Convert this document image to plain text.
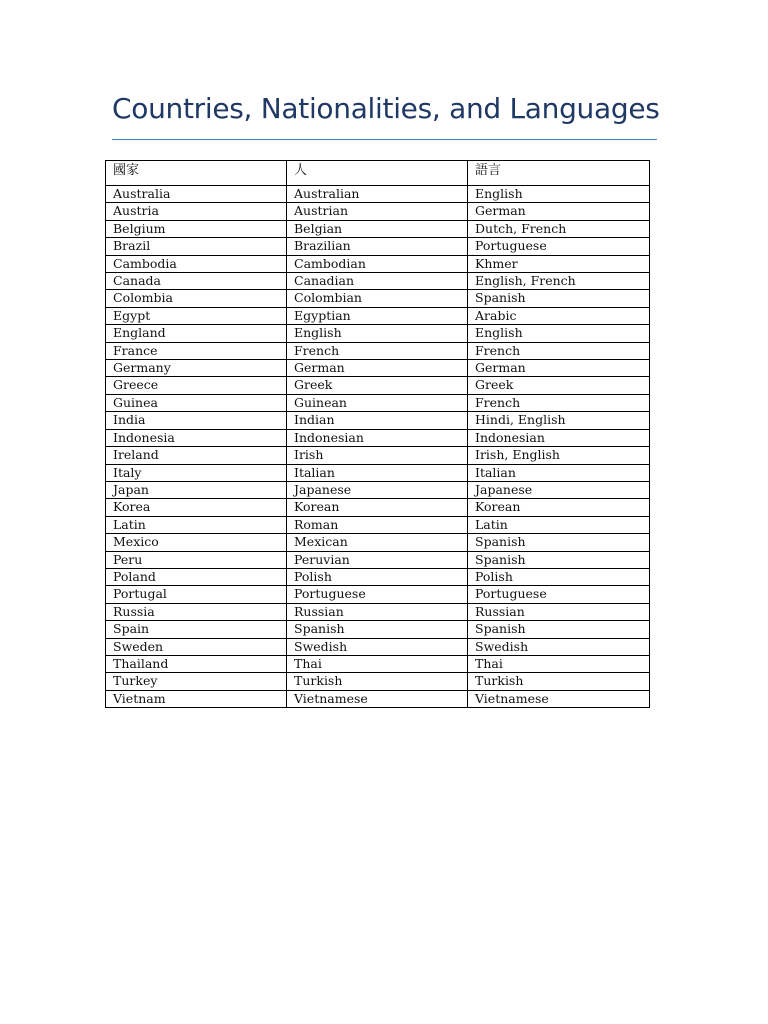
Countries, Nationalities, and Languages
國家	人	語言
Australia	Australian	English
Austria	Austrian	German
Belgium	Belgian	Dutch, French
Brazil	Brazilian	Portuguese
Cambodia	Cambodian	Khmer
Canada	Canadian	English, French
Colombia	Colombian	Spanish
Egypt	Egyptian	Arabic
England	English	English
France	French	French
Germany	German	German
Greece	Greek	Greek
Guinea	Guinean	French
India	Indian	Hindi, English
Indonesia	Indonesian	Indonesian
Ireland	Irish	Irish, English
Italy	Italian	Italian
Japan	Japanese	Japanese
Korea	Korean	Korean
Latin	Roman	Latin
Mexico	Mexican	Spanish
Peru	Peruvian	Spanish
Poland	Polish	Polish
Portugal	Portuguese	Portuguese
Russia	Russian	Russian
Spain	Spanish	Spanish
Sweden	Swedish	Swedish
Thailand	Thai	Thai
Turkey	Turkish	Turkish
Vietnam	Vietnamese	Vietnamese
